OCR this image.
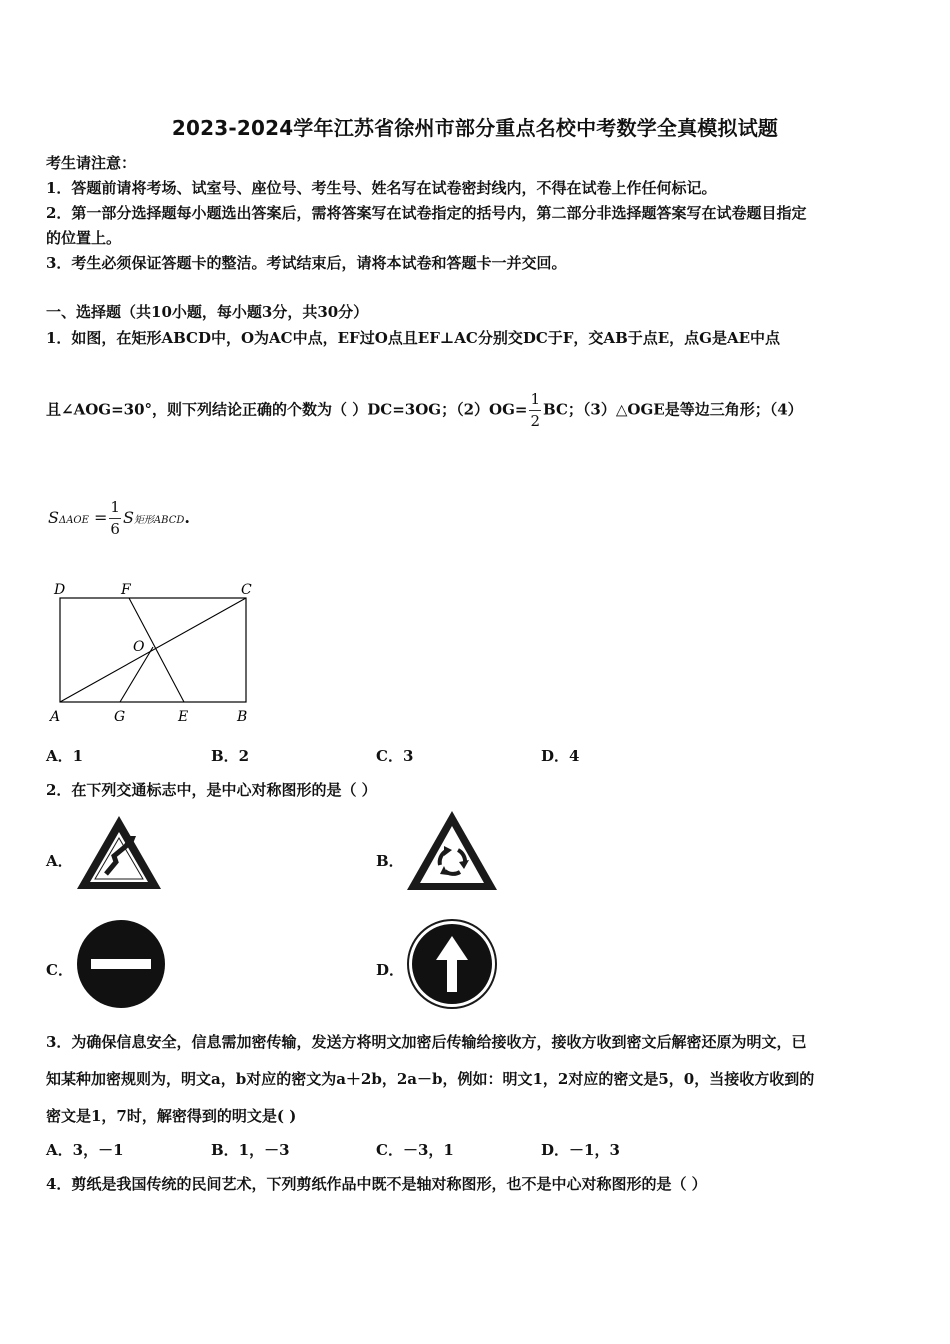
2023-2024学年江苏省徐州市部分重点名校中考数学全真模拟试题
考生请注意：
1．答题前请将考场、试室号、座位号、考生号、姓名写在试卷密封线内，不得在试卷上作任何标记。
2．第一部分选择题每小题选出答案后，需将答案写在试卷指定的括号内，第二部分非选择题答案写在试卷题目指定
的位置上。
3．考生必须保证答题卡的整洁。考试结束后，请将本试卷和答题卡一并交回。
一、选择题（共10小题，每小题3分，共30分）
1．如图，在矩形ABCD中，O为AC中点，EF过O点且EF⊥AC分别交DC于F，交AB于点E，点G是AE中点
且∠AOG=30°，则下列结论正确的个数为（ ）DC=3OG；$(2)OG= \frac{1}{2}$ BC；（3）△OGE是等边三角形；（4）
$S\Delta AOE = \frac{1}{6}$ S矩形ABCD.
D	F	C
O
A	G	E	B
A．1	B．2	C．3	D．4
2．在下列交通标志中，是中心对称图形的是（ ）
A．	B．
C．	D．
3．为确保信息安全，信息需加密传输，发送方将明文加密后传输给接收方，接收方收到密文后解密还原为明文，已
知某种加密规则为，明文a，b对应的密文为a＋2b，2a－b，例如：明文1，2对应的密文是5，0，当接收方收到的
密文是1，7时，解密得到的明文是( )
A．3，－1	B．1，－3	C．－3，1	D．－1，3
4．剪纸是我国传统的民间艺术，下列剪纸作品中既不是轴对称图形，也不是中心对称图形的是（ ）
